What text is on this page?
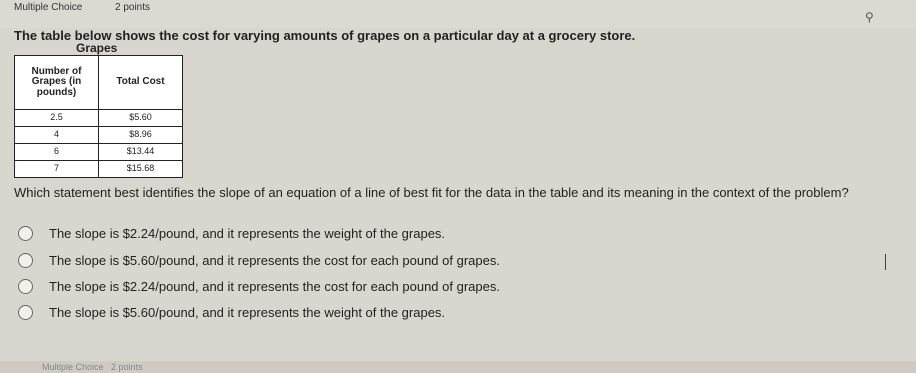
Multiple Choice	2 points
⚲
The table below shows the cost for varying amounts of grapes on a particular day at a grocery store.
Grapes
Number of Grapes (in pounds)	Total Cost
2.5	$5.60
4	$8.96
6	$13.44
7	$15.68
Which statement best identifies the slope of an equation of a line of best fit for the data in the table and its meaning in the context of the problem?
The slope is $2.24/pound, and it represents the weight of the grapes.
The slope is $5.60/pound, and it represents the cost for each pound of grapes.
The slope is $2.24/pound, and it represents the cost for each pound of grapes.
The slope is $5.60/pound, and it represents the weight of the grapes.
Multiple Choice 2 points
